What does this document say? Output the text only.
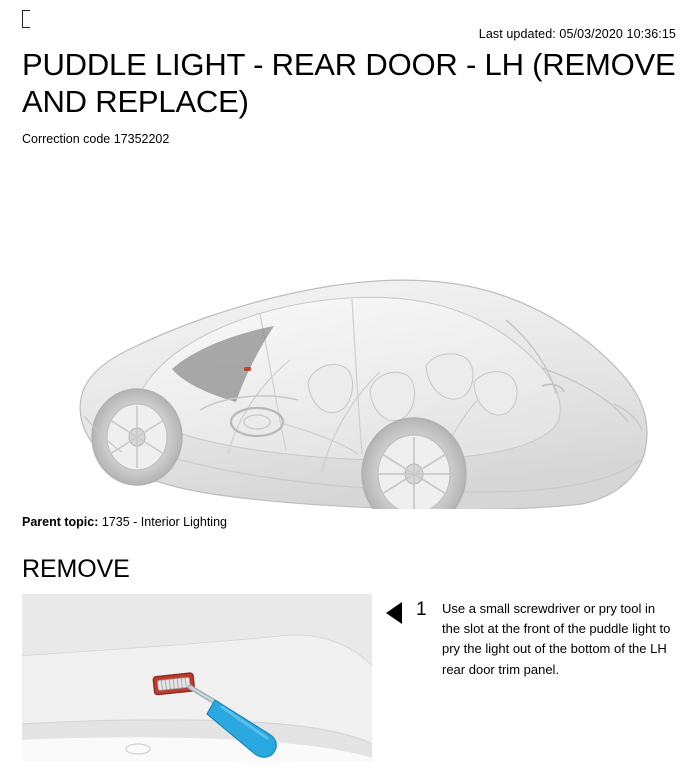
Last updated: 05/03/2020 10:36:15
PUDDLE LIGHT - REAR DOOR - LH (REMOVE AND REPLACE)
Correction code 17352202
Parent topic: 1735 - Interior Lighting
REMOVE
1	Use a small screwdriver or pry tool in the slot at the front of the puddle light to pry the light out of the bottom of the LH rear door trim panel.
